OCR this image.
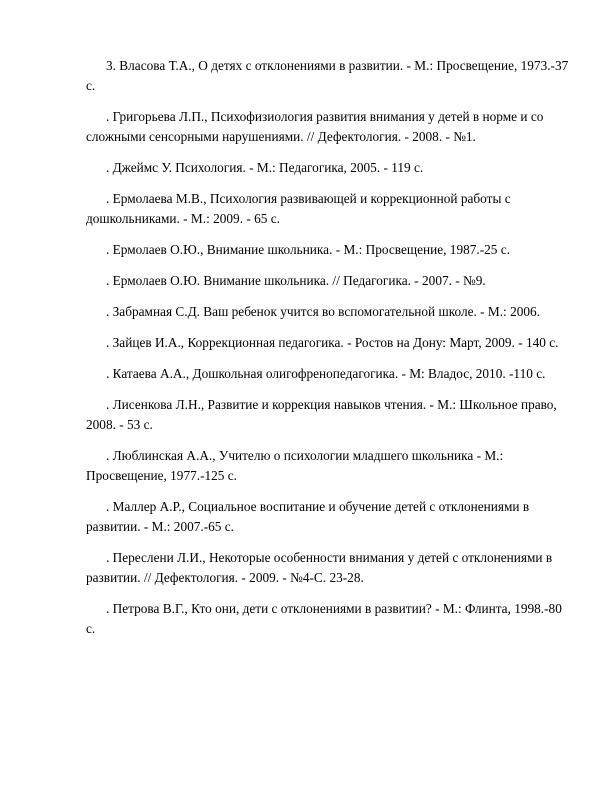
3. Власова Т.А., О детях с отклонениями в развитии. - М.: Просвещение, 1973.-37 с.

. Григорьева Л.П., Психофизиология развития внимания у детей в норме и со сложными сенсорными нарушениями. // Дефектология. - 2008. - №1.

. Джеймс У. Психология. - М.: Педагогика, 2005. - 119 с.

. Ермолаева М.В., Психология развивающей и коррекционной работы с дошкольниками. - М.: 2009. - 65 с.

. Ермолаев О.Ю., Внимание школьника. - М.: Просвещение, 1987.-25 с.

. Ермолаев О.Ю. Внимание школьника. // Педагогика. - 2007. - №9.

. Забрамная С.Д. Ваш ребенок учится во вспомогательной школе. - М.: 2006.

. Зайцев И.А., Коррекционная педагогика. - Ростов на Дону: Март, 2009. - 140 с.

. Катаева А.А., Дошкольная олигофренопедагогика. - М: Владос, 2010. -110 с.

. Лисенкова Л.Н., Развитие и коррекция навыков чтения. - М.: Школьное право, 2008. - 53 с.

. Люблинская А.А., Учителю о психологии младшего школьника - М.: Просвещение, 1977.-125 с.

. Маллер А.Р., Социальное воспитание и обучение детей с отклонениями в развитии. - М.: 2007.-65 с.

. Переслени Л.И., Некоторые особенности внимания у детей с отклонениями в развитии. // Дефектология. - 2009. - №4-С. 23-28.

. Петрова В.Г., Кто они, дети с отклонениями в развитии? - М.: Флинта, 1998.-80 с.
